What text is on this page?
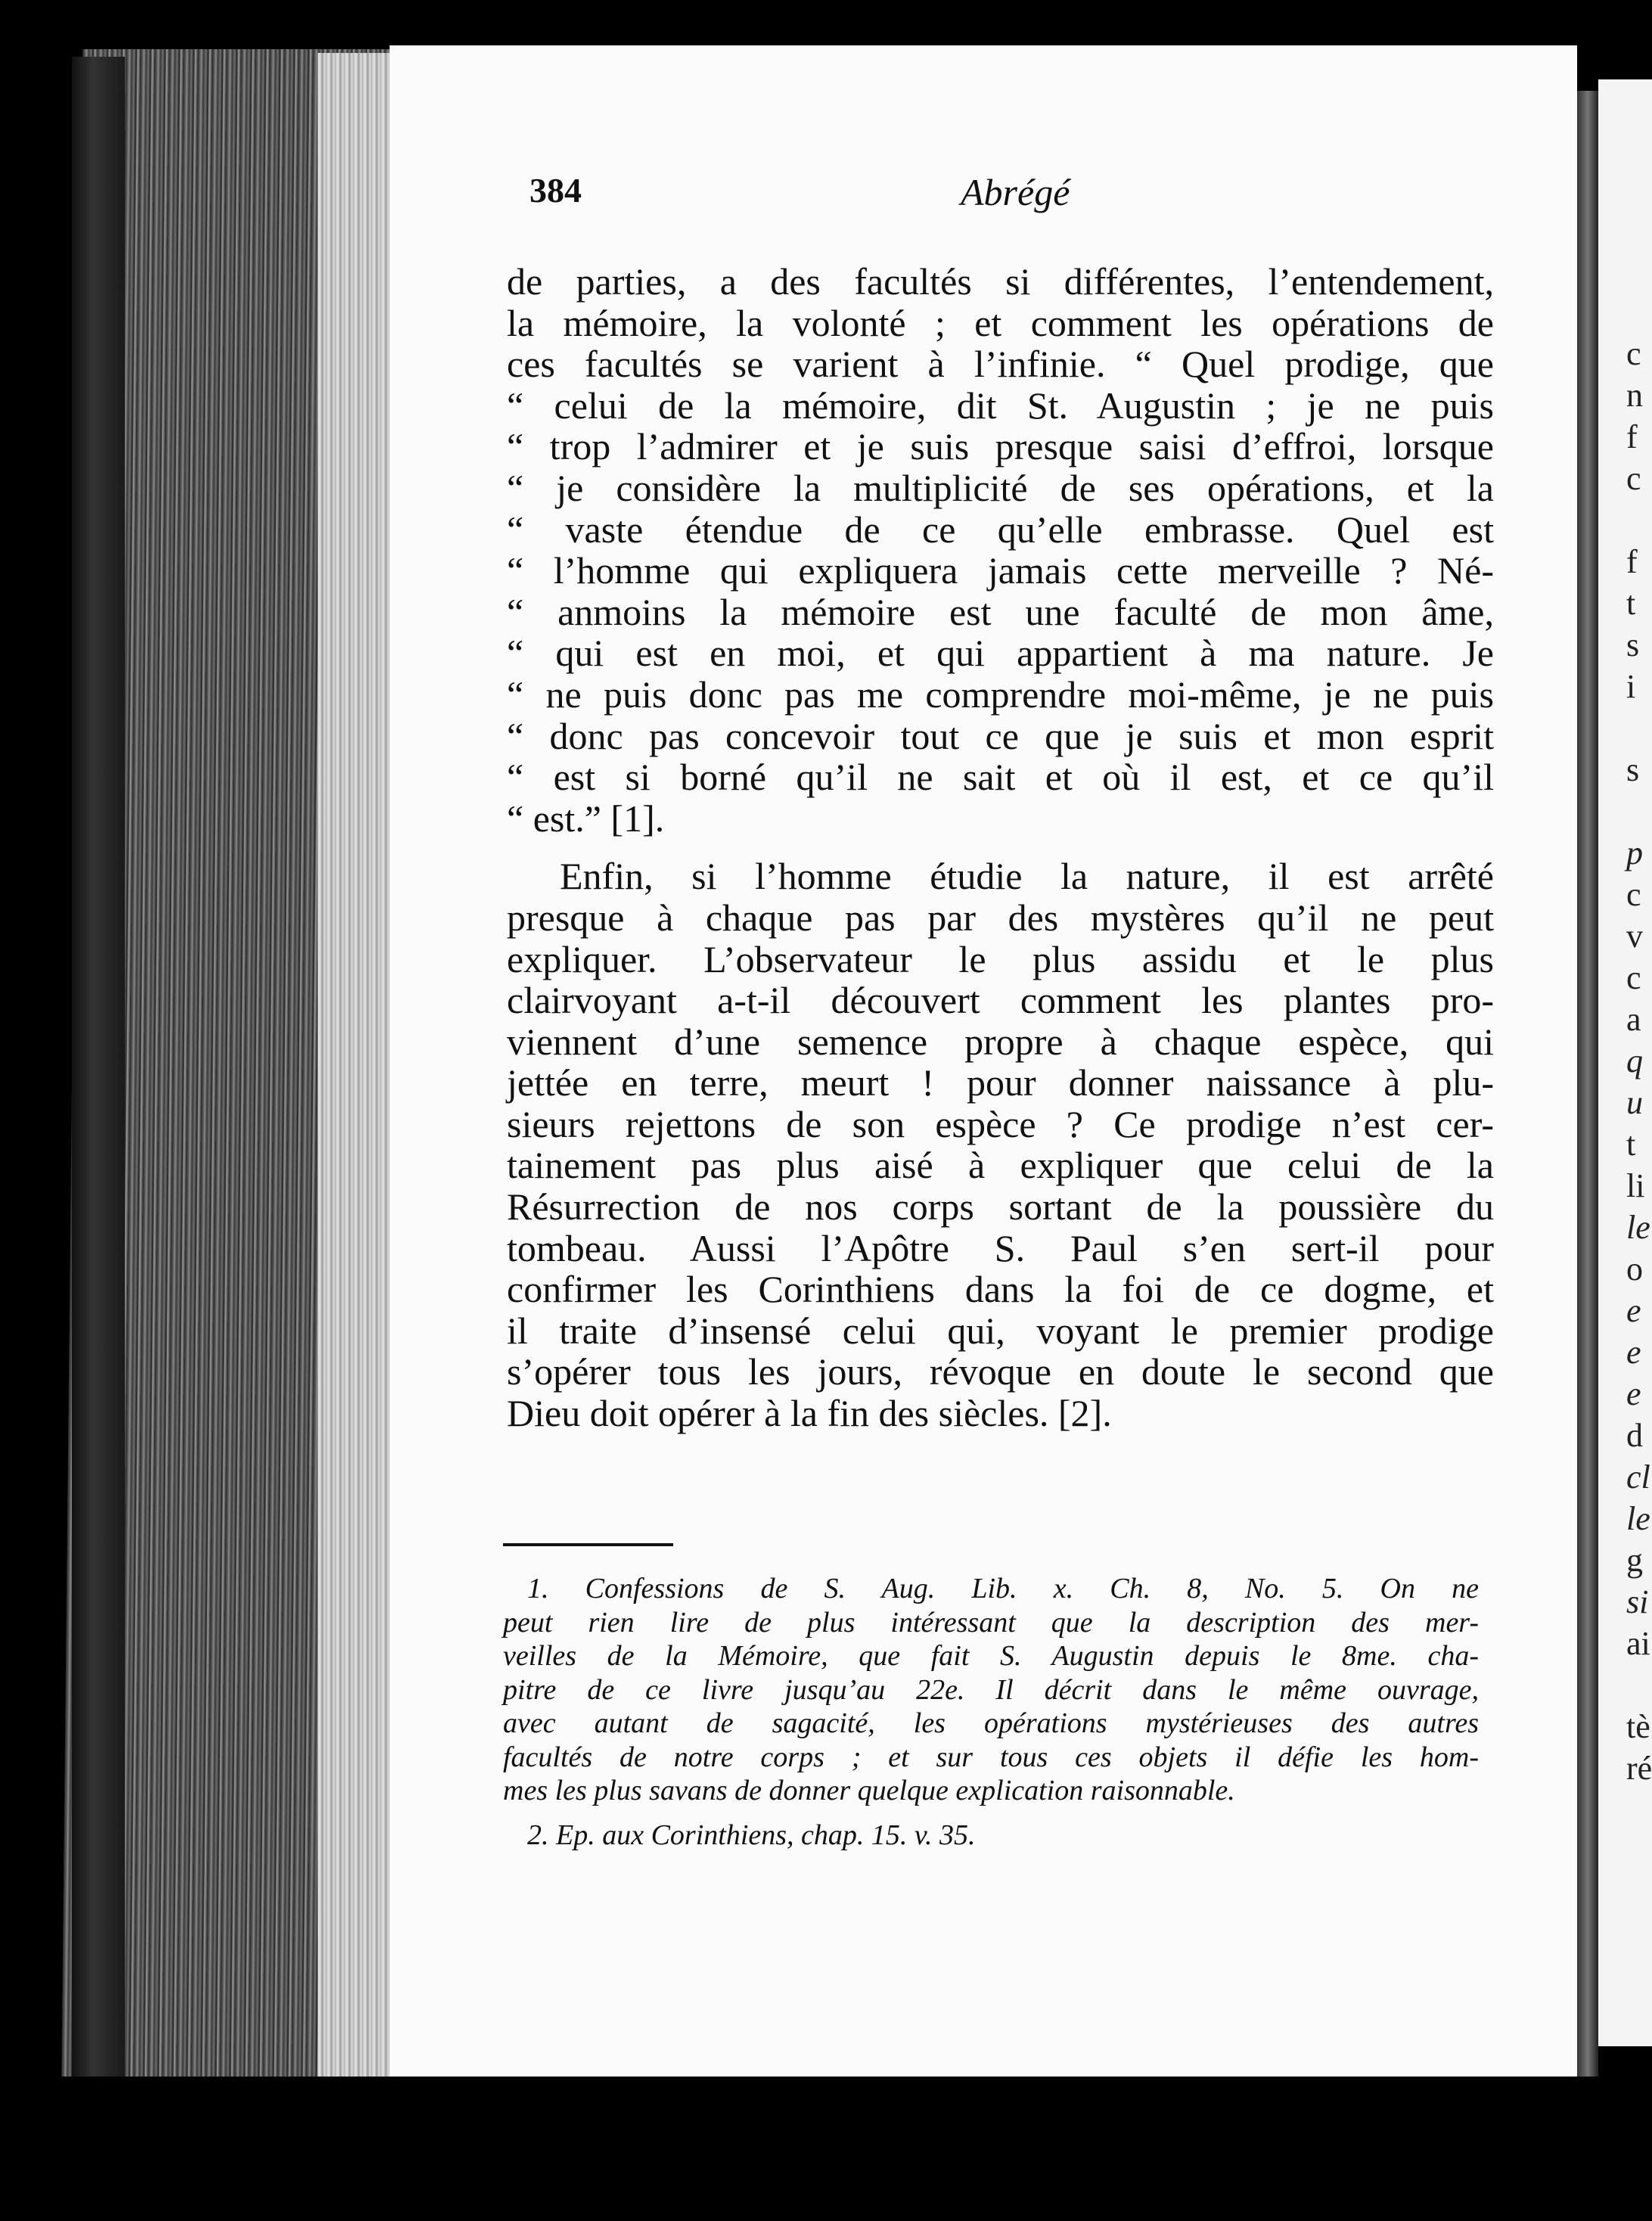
384	Abrégé
de parties, a des facultés si différentes, l’entendement,
la mémoire, la volonté ; et comment les opérations de
ces facultés se varient à l’infinie. “ Quel prodige, que
“ celui de la mémoire, dit St. Augustin ; je ne puis
“ trop l’admirer et je suis presque saisi d’effroi, lorsque
“ je considère la multiplicité de ses opérations, et la
“ vaste étendue de ce qu’elle embrasse. Quel est
“ l’homme qui expliquera jamais cette merveille ? Né-
“ anmoins la mémoire est une faculté de mon âme,
“ qui est en moi, et qui appartient à ma nature. Je
“ ne puis donc pas me comprendre moi-même, je ne puis
“ donc pas concevoir tout ce que je suis et mon esprit
“ est si borné qu’il ne sait et où il est, et ce qu’il
“ est.” [1].
Enfin, si l’homme étudie la nature, il est arrêté
presque à chaque pas par des mystères qu’il ne peut
expliquer. L’observateur le plus assidu et le plus
clairvoyant a-t-il découvert comment les plantes pro-
viennent d’une semence propre à chaque espèce, qui
jettée en terre, meurt ! pour donner naissance à plu-
sieurs rejettons de son espèce ? Ce prodige n’est cer-
tainement pas plus aisé à expliquer que celui de la
Résurrection de nos corps sortant de la poussière du
tombeau. Aussi l’Apôtre S. Paul s’en sert-il pour
confirmer les Corinthiens dans la foi de ce dogme, et
il traite d’insensé celui qui, voyant le premier prodige
s’opérer tous les jours, révoque en doute le second que
Dieu doit opérer à la fin des siècles. [2].
1. Confessions de S. Aug. Lib. x. Ch. 8, No. 5. On ne
peut rien lire de plus intéressant que la description des mer-
veilles de la Mémoire, que fait S. Augustin depuis le 8me. cha-
pitre de ce livre jusqu’au 22e. Il décrit dans le même ouvrage,
avec autant de sagacité, les opérations mystérieuses des autres
facultés de notre corps ; et sur tous ces objets il défie les hom-
mes les plus savans de donner quelque explication raisonnable.
2. Ep. aux Corinthiens, chap. 15. v. 35.
c
n
f
c
f
t
s
i
s
p
c
v
c
a
q
u
t
li
le
o
e
e
e
d
cl
le
g
si
ai
tè
ré
